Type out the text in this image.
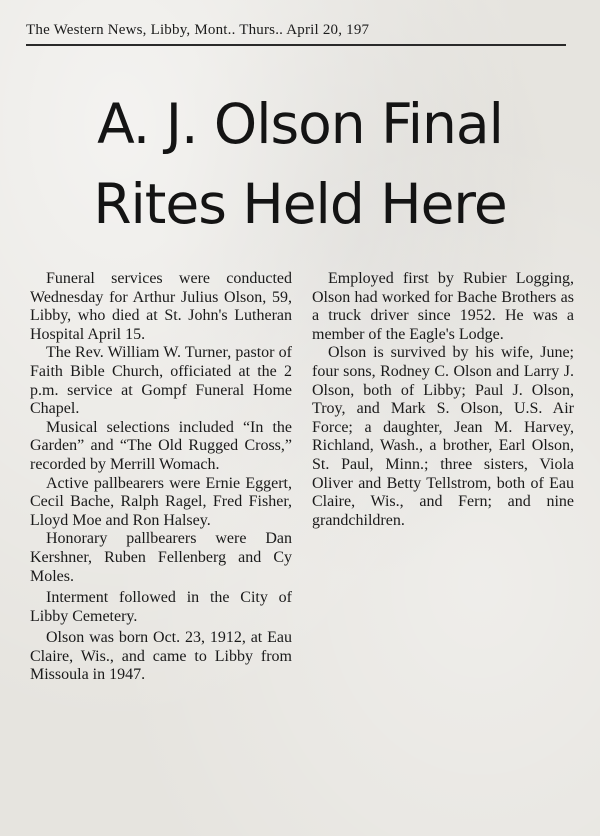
The Western News, Libby, Mont.. Thurs.. April 20, 197
A. J. Olson Final
Rites Held Here

Funeral services were conducted Wednesday for Arthur Julius Olson, 59, Libby, who died at St. John's Lutheran Hospital April 15.

The Rev. William W. Turner, pastor of Faith Bible Church, officiated at the 2 p.m. service at Gompf Funeral Home Chapel.

Musical selections included “In the Garden” and “The Old Rugged Cross,” recorded by Merrill Womach.

Active pallbearers were Ernie Eggert, Cecil Bache, Ralph Ragel, Fred Fisher, Lloyd Moe and Ron Halsey.

Honorary pallbearers were Dan Kershner, Ruben Fellenberg and Cy Moles.

Interment followed in the City of Libby Cemetery.

Olson was born Oct. 23, 1912, at Eau Claire, Wis., and came to Libby from Missoula in 1947.

Employed first by Rubier Logging, Olson had worked for Bache Brothers as a truck driver since 1952. He was a member of the Eagle's Lodge.

Olson is survived by his wife, June; four sons, Rodney C. Olson and Larry J. Olson, both of Libby; Paul J. Olson, Troy, and Mark S. Olson, U.S. Air Force; a daughter, Jean M. Harvey, Richland, Wash., a brother, Earl Olson, St. Paul, Minn.; three sisters, Viola Oliver and Betty Tellstrom, both of Eau Claire, Wis., and Fern; and nine grandchildren.
